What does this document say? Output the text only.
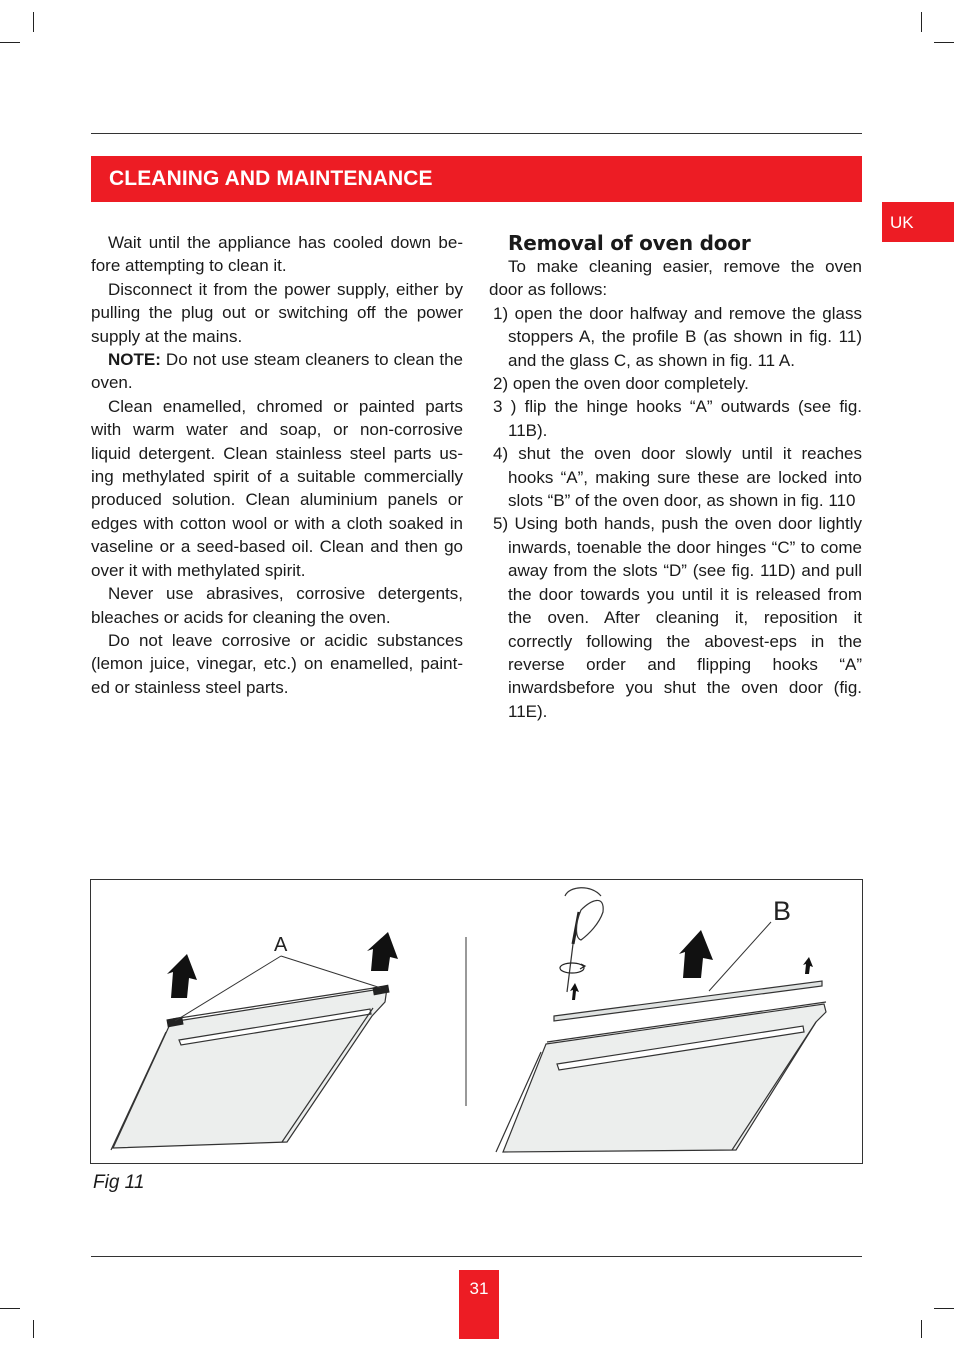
CLEANING AND MAINTENANCE
UK

Wait until the appliance has cooled down be-fore attempting to clean it.

Disconnect it from the power supply, either by pulling the plug out or switching off the power supply at the mains.

NOTE: Do not use steam cleaners to clean the oven.

Clean enamelled, chromed or painted parts with warm water and soap, or non-corrosive liquid detergent. Clean stainless steel parts us-ing methylated spirit of a suitable commercially produced solution. Clean aluminium panels or edges with cotton wool or with a cloth soaked in vaseline or a seed-based oil. Clean and then go over it with methylated spirit.

Never use abrasives, corrosive detergents, bleaches or acids for cleaning the oven.

Do not leave corrosive or acidic substances (lemon juice, vinegar, etc.) on enamelled, paint-ed or stainless steel parts.

Removal of oven door

To make cleaning easier, remove the oven door as follows:

1) open the door halfway and remove the glass stoppers A, the profile B (as shown in fig. 11) and the glass C, as shown in fig. 11 A.
2) open the oven door completely.
3 ) flip the hinge hooks “A” outwards (see fig. 11B).
4) shut the oven door slowly until it reaches hooks “A”, making sure these are locked into slots “B” of the oven door, as shown in fig. 110
5) Using both hands, push the oven door lightly inwards, toenable the door hinges “C” to come away from the slots “D” (see fig. 11D) and pull the door towards you until it is released from the oven. After cleaning it, reposition it correctly following the abovest-eps in the reverse order and flipping hooks “A” inwardsbefore you shut the oven door (fig. 11E).
A
B
Fig 11
31
